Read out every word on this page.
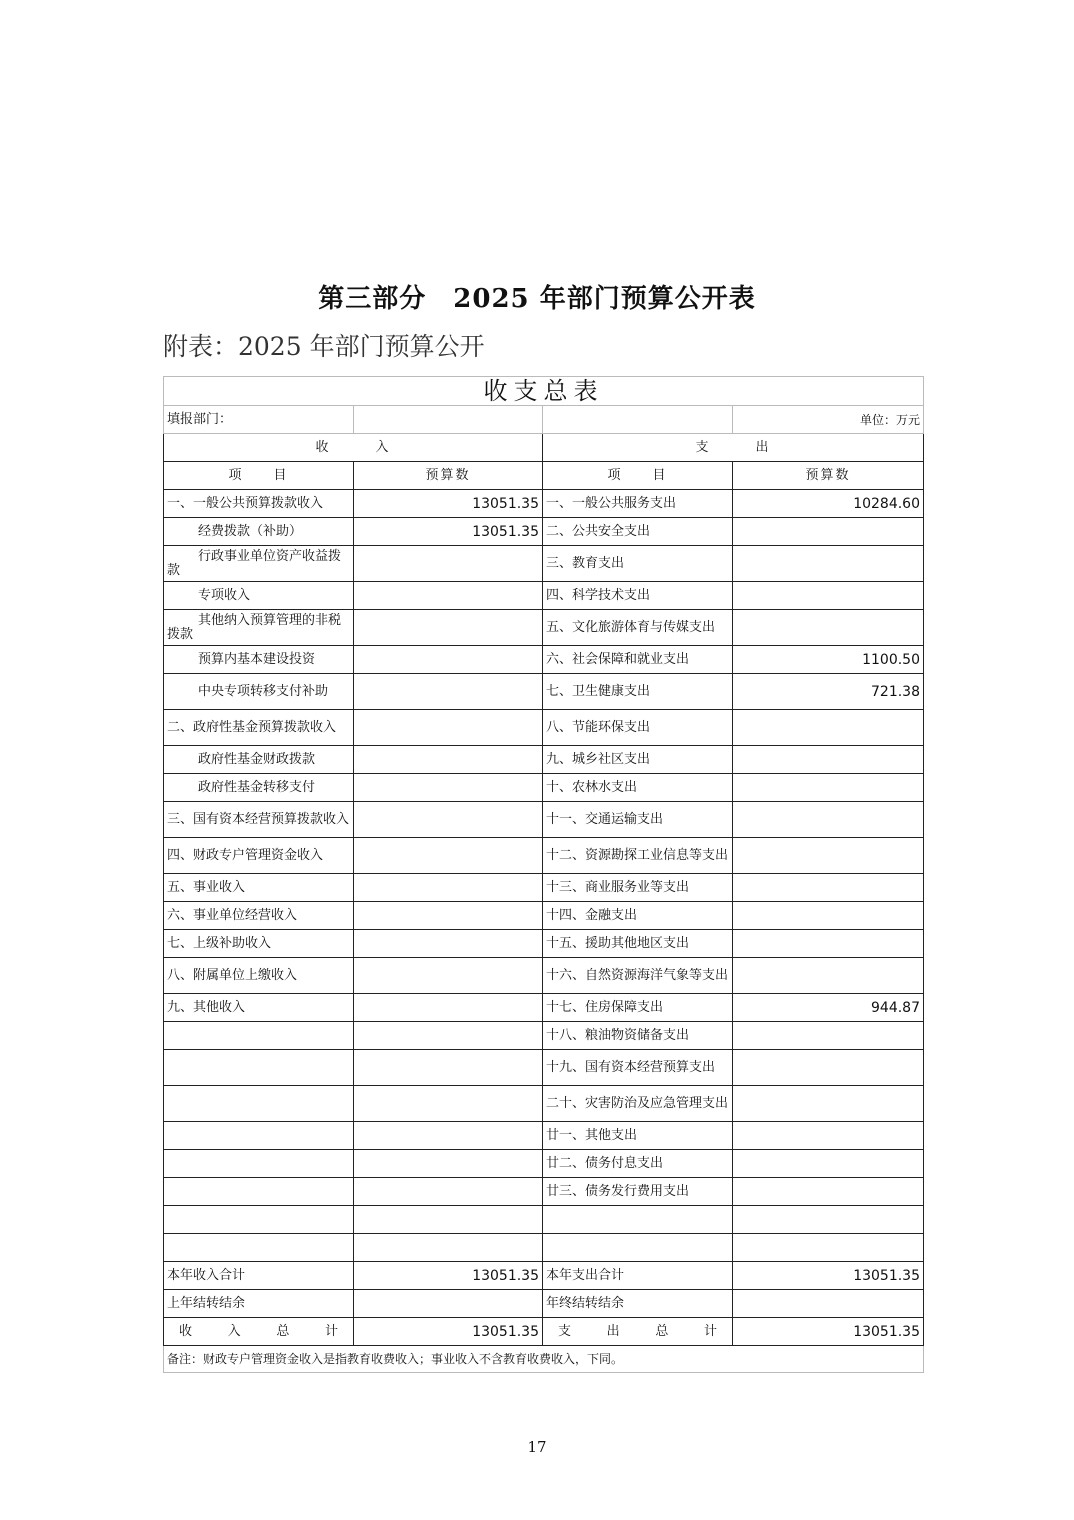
第三部分　2025 年部门预算公开表
附表：2025 年部门预算公开
收支总表			
填报部门：			单位：万元
收　　　入		支　　　出	
项　　目	预算数	项　　目	预算数
一、一般公共预算拨款收入	13051.35	一、一般公共服务支出	10284.60
经费拨款（补助）	13051.35	二、公共安全支出	
行政事业单位资产收益拨款		三、教育支出	
专项收入		四、科学技术支出	
其他纳入预算管理的非税拨款		五、文化旅游体育与传媒支出	
预算内基本建设投资		六、社会保障和就业支出	1100.50
中央专项转移支付补助		七、卫生健康支出	721.38
二、政府性基金预算拨款收入		八、节能环保支出	
政府性基金财政拨款		九、城乡社区支出	
政府性基金转移支付		十、农林水支出	
三、国有资本经营预算拨款收入		十一、交通运输支出	
四、财政专户管理资金收入		十二、资源勘探工业信息等支出	
五、事业收入		十三、商业服务业等支出	
六、事业单位经营收入		十四、金融支出	
七、上级补助收入		十五、援助其他地区支出	
八、附属单位上缴收入		十六、自然资源海洋气象等支出	
九、其他收入		十七、住房保障支出	944.87
		十八、粮油物资储备支出	
		十九、国有资本经营预算支出	
		二十、灾害防治及应急管理支出	
		廿一、其他支出	
		廿二、债务付息支出	
		廿三、债务发行费用支出	

本年收入合计	13051.35	本年支出合计	13051.35
上年结转结余		年终结转结余	

收 入 总 计	13051.35	支 出 总 计	13051.35
备注：财政专户管理资金收入是指教育收费收入；事业收入不含教育收费收入，下同。			
17
